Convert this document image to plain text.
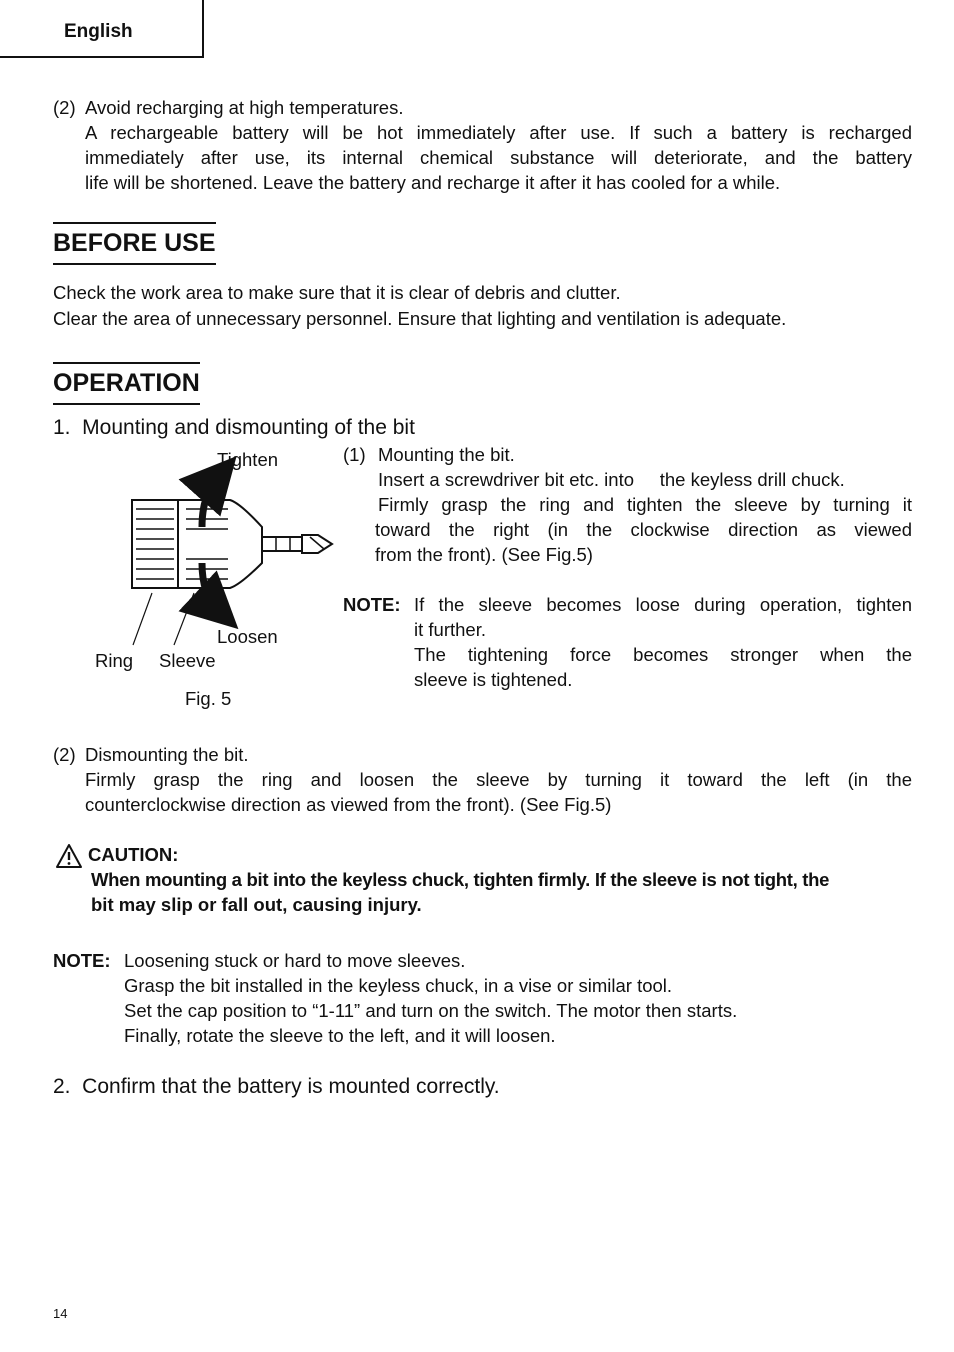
English
(2) Avoid recharging at high temperatures.
A rechargeable battery will be hot immediately after use. If such a battery is recharged
immediately after use, its internal chemical substance will deteriorate, and the battery
life will be shortened. Leave the battery and recharge it after it has cooled for a while.
BEFORE USE
Check the work area to make sure that it is clear of debris and clutter.
Clear the area of unnecessary personnel. Ensure that lighting and ventilation is adequate.
OPERATION
1.  Mounting and dismounting of the bit
Tighten
Loosen
Ring Sleeve
Fig. 5
(1) Mounting the bit.
Insert a screwdriver bit etc. into     the keyless drill chuck.
Firmly grasp the ring and tighten the sleeve by turning it
toward the right (in the clockwise direction as viewed
from the front). (See Fig.5)
NOTE: If the sleeve becomes loose during operation, tighten
it further.
The tightening force becomes stronger when the
sleeve is tightened.
(2) Dismounting the bit.
Firmly grasp the ring and loosen the sleeve by turning it toward the left (in the
counterclockwise direction as viewed from the front). (See Fig.5)
CAUTION:
When mounting a bit into the keyless chuck, tighten firmly. If the sleeve is not tight, the
bit may slip or fall out, causing injury.
NOTE: Loosening stuck or hard to move sleeves.
Grasp the bit installed in the keyless chuck, in a vise or similar tool.
Set the cap position to “1-11” and turn on the switch. The motor then starts.
Finally, rotate the sleeve to the left, and it will loosen.
2.  Confirm that the battery is mounted correctly.
14
